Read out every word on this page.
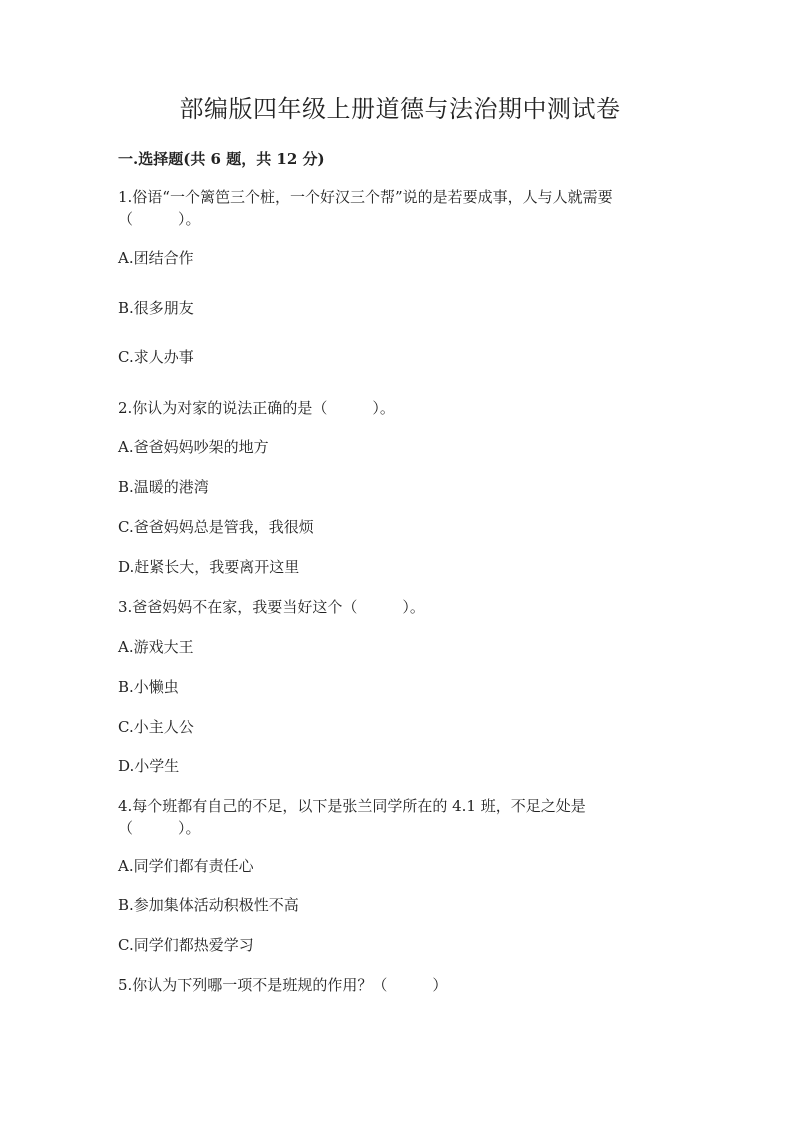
部编版四年级上册道德与法治期中测试卷
一.选择题(共 6 题，共 12 分)

1.俗语“一个篱笆三个桩，一个好汉三个帮”说的是若要成事，人与人就需要

（　　　）。

A.团结合作

B.很多朋友

C.求人办事

2.你认为对家的说法正确的是（　　　）。

A.爸爸妈妈吵架的地方

B.温暖的港湾

C.爸爸妈妈总是管我，我很烦

D.赶紧长大，我要离开这里

3.爸爸妈妈不在家，我要当好这个（　　　）。

A.游戏大王

B.小懒虫

C.小主人公

D.小学生

4.每个班都有自己的不足，以下是张兰同学所在的 4.1 班，不足之处是

（　　　）。

A.同学们都有责任心

B.参加集体活动积极性不高

C.同学们都热爱学习

5.你认为下列哪一项不是班规的作用？（　　　）
